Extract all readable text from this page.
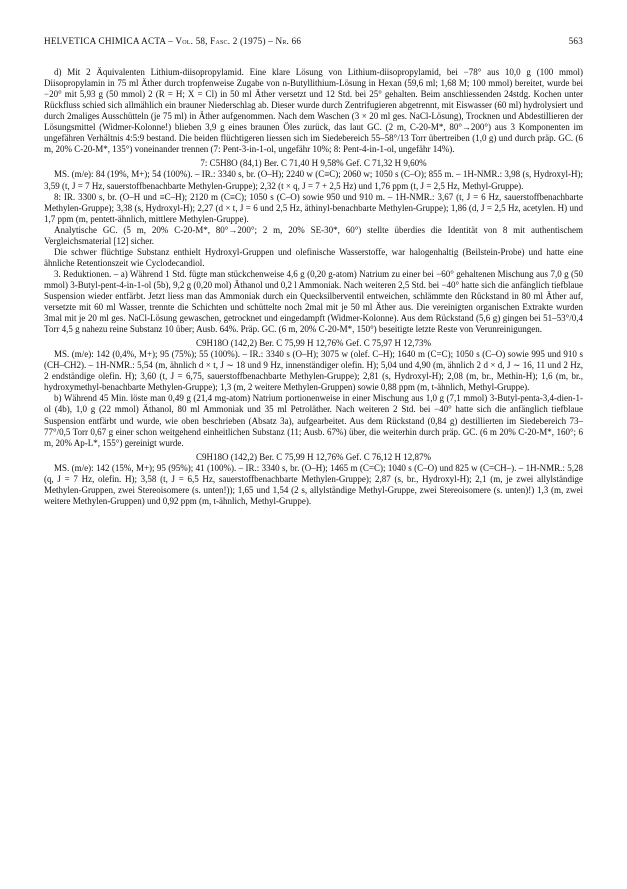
HELVETICA CHIMICA ACTA – Vol. 58, Fasc. 2 (1975) – Nr. 66	563

d) Mit 2 Äquivalenten Lithium-diisopropylamid. Eine klare Lösung von Lithium-diisopropylamid, bei −78° aus 10,0 g (100 mmol) Diisopropylamin in 75 ml Äther durch tropfenweise Zugabe von n-Butyllithium-Lösung in Hexan (59,6 ml; 1,68 M; 100 mmol) bereitet, wurde bei −20° mit 5,93 g (50 mmol) 2 (R = H; X = Cl) in 50 ml Äther versetzt und 12 Std. bei 25° gehalten. Beim anschliessenden 24stdg. Kochen unter Rückfluss schied sich allmählich ein brauner Niederschlag ab. Dieser wurde durch Zentrifugieren abgetrennt, mit Eiswasser (60 ml) hydrolysiert und durch 2maliges Ausschütteln (je 75 ml) in Äther aufgenommen. Nach dem Waschen (3 × 20 ml ges. NaCl-Lösung), Trocknen und Abdestillieren der Lösungsmittel (Widmer-Kolonne!) blieben 3,9 g eines braunen Öles zurück, das laut GC. (2 m, C-20-M*, 80°→200°) aus 3 Komponenten im ungefähren Verhältnis 4:5:9 bestand. Die beiden flüchtigeren liessen sich im Siedebereich 55–58°/13 Torr übertreiben (1,0 g) und durch präp. GC. (6 m, 20% C-20-M*, 135°) voneinander trennen (7: Pent-3-in-1-ol, ungefähr 10%; 8: Pent-4-in-1-ol, ungefähr 14%).

7: C5H8O (84,1) Ber. C 71,40 H 9,58% Gef. C 71,32 H 9,60%

MS. (m/e): 84 (19%, M+); 54 (100%). – IR.: 3340 s, br. (O–H); 2240 w (C≡C); 2060 w; 1050 s (C–O); 855 m. – 1H-NMR.: 3,98 (s, Hydroxyl-H); 3,59 (t, J = 7 Hz, sauerstoffbenachbarte Methylen-Gruppe); 2,32 (t × q, J = 7 + 2,5 Hz) und 1,76 ppm (t, J = 2,5 Hz, Methyl-Gruppe).

8: IR. 3300 s, br. (O–H und ≡C–H); 2120 m (C≡C); 1050 s (C–O) sowie 950 und 910 m. – 1H-NMR.: 3,67 (t, J = 6 Hz, sauerstoffbenachbarte Methylen-Gruppe); 3,38 (s, Hydroxyl-H); 2,27 (d × t, J = 6 und 2,5 Hz, äthinyl-benachbarte Methylen-Gruppe); 1,86 (d, J = 2,5 Hz, acetylen. H) und 1,7 ppm (m, pentett-ähnlich, mittlere Methylen-Gruppe).

Analytische GC. (5 m, 20% C-20-M*, 80°→200°; 2 m, 20% SE-30*, 60°) stellte überdies die Identität von 8 mit authentischem Vergleichsmaterial [12] sicher.

Die schwer flüchtige Substanz enthielt Hydroxyl-Gruppen und olefinische Wasserstoffe, war halogenhaltig (Beilstein-Probe) und hatte eine ähnliche Retentionszeit wie Cyclodecandiol.

3. Reduktionen. – a) Während 1 Std. fügte man stückchenweise 4,6 g (0,20 g-atom) Natrium zu einer bei −60° gehaltenen Mischung aus 7,0 g (50 mmol) 3-Butyl-pent-4-in-1-ol (5b), 9,2 g (0,20 mol) Äthanol und 0,2 l Ammoniak. Nach weiteren 2,5 Std. bei −40° hatte sich die anfänglich tiefblaue Suspension wieder entfärbt. Jetzt liess man das Ammoniak durch ein Quecksilberventil entweichen, schlämmte den Rückstand in 80 ml Äther auf, versetzte mit 60 ml Wasser, trennte die Schichten und schüttelte noch 2mal mit je 50 ml Äther aus. Die vereinigten organischen Extrakte wurden 3mal mit je 20 ml ges. NaCl-Lösung gewaschen, getrocknet und eingedampft (Widmer-Kolonne). Aus dem Rückstand (5,6 g) gingen bei 51–53°/0,4 Torr 4,5 g nahezu reine Substanz 10 über; Ausb. 64%. Präp. GC. (6 m, 20% C-20-M*, 150°) beseitigte letzte Reste von Verunreinigungen.

C9H18O (142,2) Ber. C 75,99 H 12,76% Gef. C 75,97 H 12,73%

MS. (m/e): 142 (0,4%, M+); 95 (75%); 55 (100%). – IR.: 3340 s (O–H); 3075 w (olef. C–H); 1640 m (C=C); 1050 s (C–O) sowie 995 und 910 s (CH–CH2). – 1H-NMR.: 5,54 (m, ähnlich d × t, J ∼ 18 und 9 Hz, innenständiger olefin. H); 5,04 und 4,90 (m, ähnlich 2 d × d, J ∼ 16, 11 und 2 Hz, 2 endständige olefin. H); 3,60 (t, J = 6,75, sauerstoffbenachbarte Methylen-Gruppe); 2,81 (s, Hydroxyl-H); 2,08 (m, br., Methin-H); 1,6 (m, br., hydroxymethyl-benachbarte Methylen-Gruppe); 1,3 (m, 2 weitere Methylen-Gruppen) sowie 0,88 ppm (m, t-ähnlich, Methyl-Gruppe).

b) Während 45 Min. löste man 0,49 g (21,4 mg-atom) Natrium portionenweise in einer Mischung aus 1,0 g (7,1 mmol) 3-Butyl-penta-3,4-dien-1-ol (4b), 1,0 g (22 mmol) Äthanol, 80 ml Ammoniak und 35 ml Petroläther. Nach weiteren 2 Std. bei −40° hatte sich die anfänglich tiefblaue Suspension entfärbt und wurde, wie oben beschrieben (Absatz 3a), aufgearbeitet. Aus dem Rückstand (0,84 g) destillierten im Siedebereich 73–77°/0,5 Torr 0,67 g einer schon weitgehend einheitlichen Substanz (11; Ausb. 67%) über, die weiterhin durch präp. GC. (6 m 20% C-20-M*, 160°; 6 m, 20% Ap-L*, 155°) gereinigt wurde.

C9H18O (142,2) Ber. C 75,99 H 12,76% Gef. C 76,12 H 12,87%

MS. (m/e): 142 (15%, M+); 95 (95%); 41 (100%). – IR.: 3340 s, br. (O–H); 1465 m (C=C); 1040 s (C–O) und 825 w (C=CH–). – 1H-NMR.: 5,28 (q, J = 7 Hz, olefin. H); 3,58 (t, J = 6,5 Hz, sauerstoffbenachbarte Methylen-Gruppe); 2,87 (s, br., Hydroxyl-H); 2,1 (m, je zwei allylständige Methylen-Gruppen, zwei Stereoisomere (s. unten!)); 1,65 und 1,54 (2 s, allylständige Methyl-Gruppe, zwei Stereoisomere (s. unten)!) 1,3 (m, zwei weitere Methylen-Gruppen) und 0,92 ppm (m, t-ähnlich, Methyl-Gruppe).
